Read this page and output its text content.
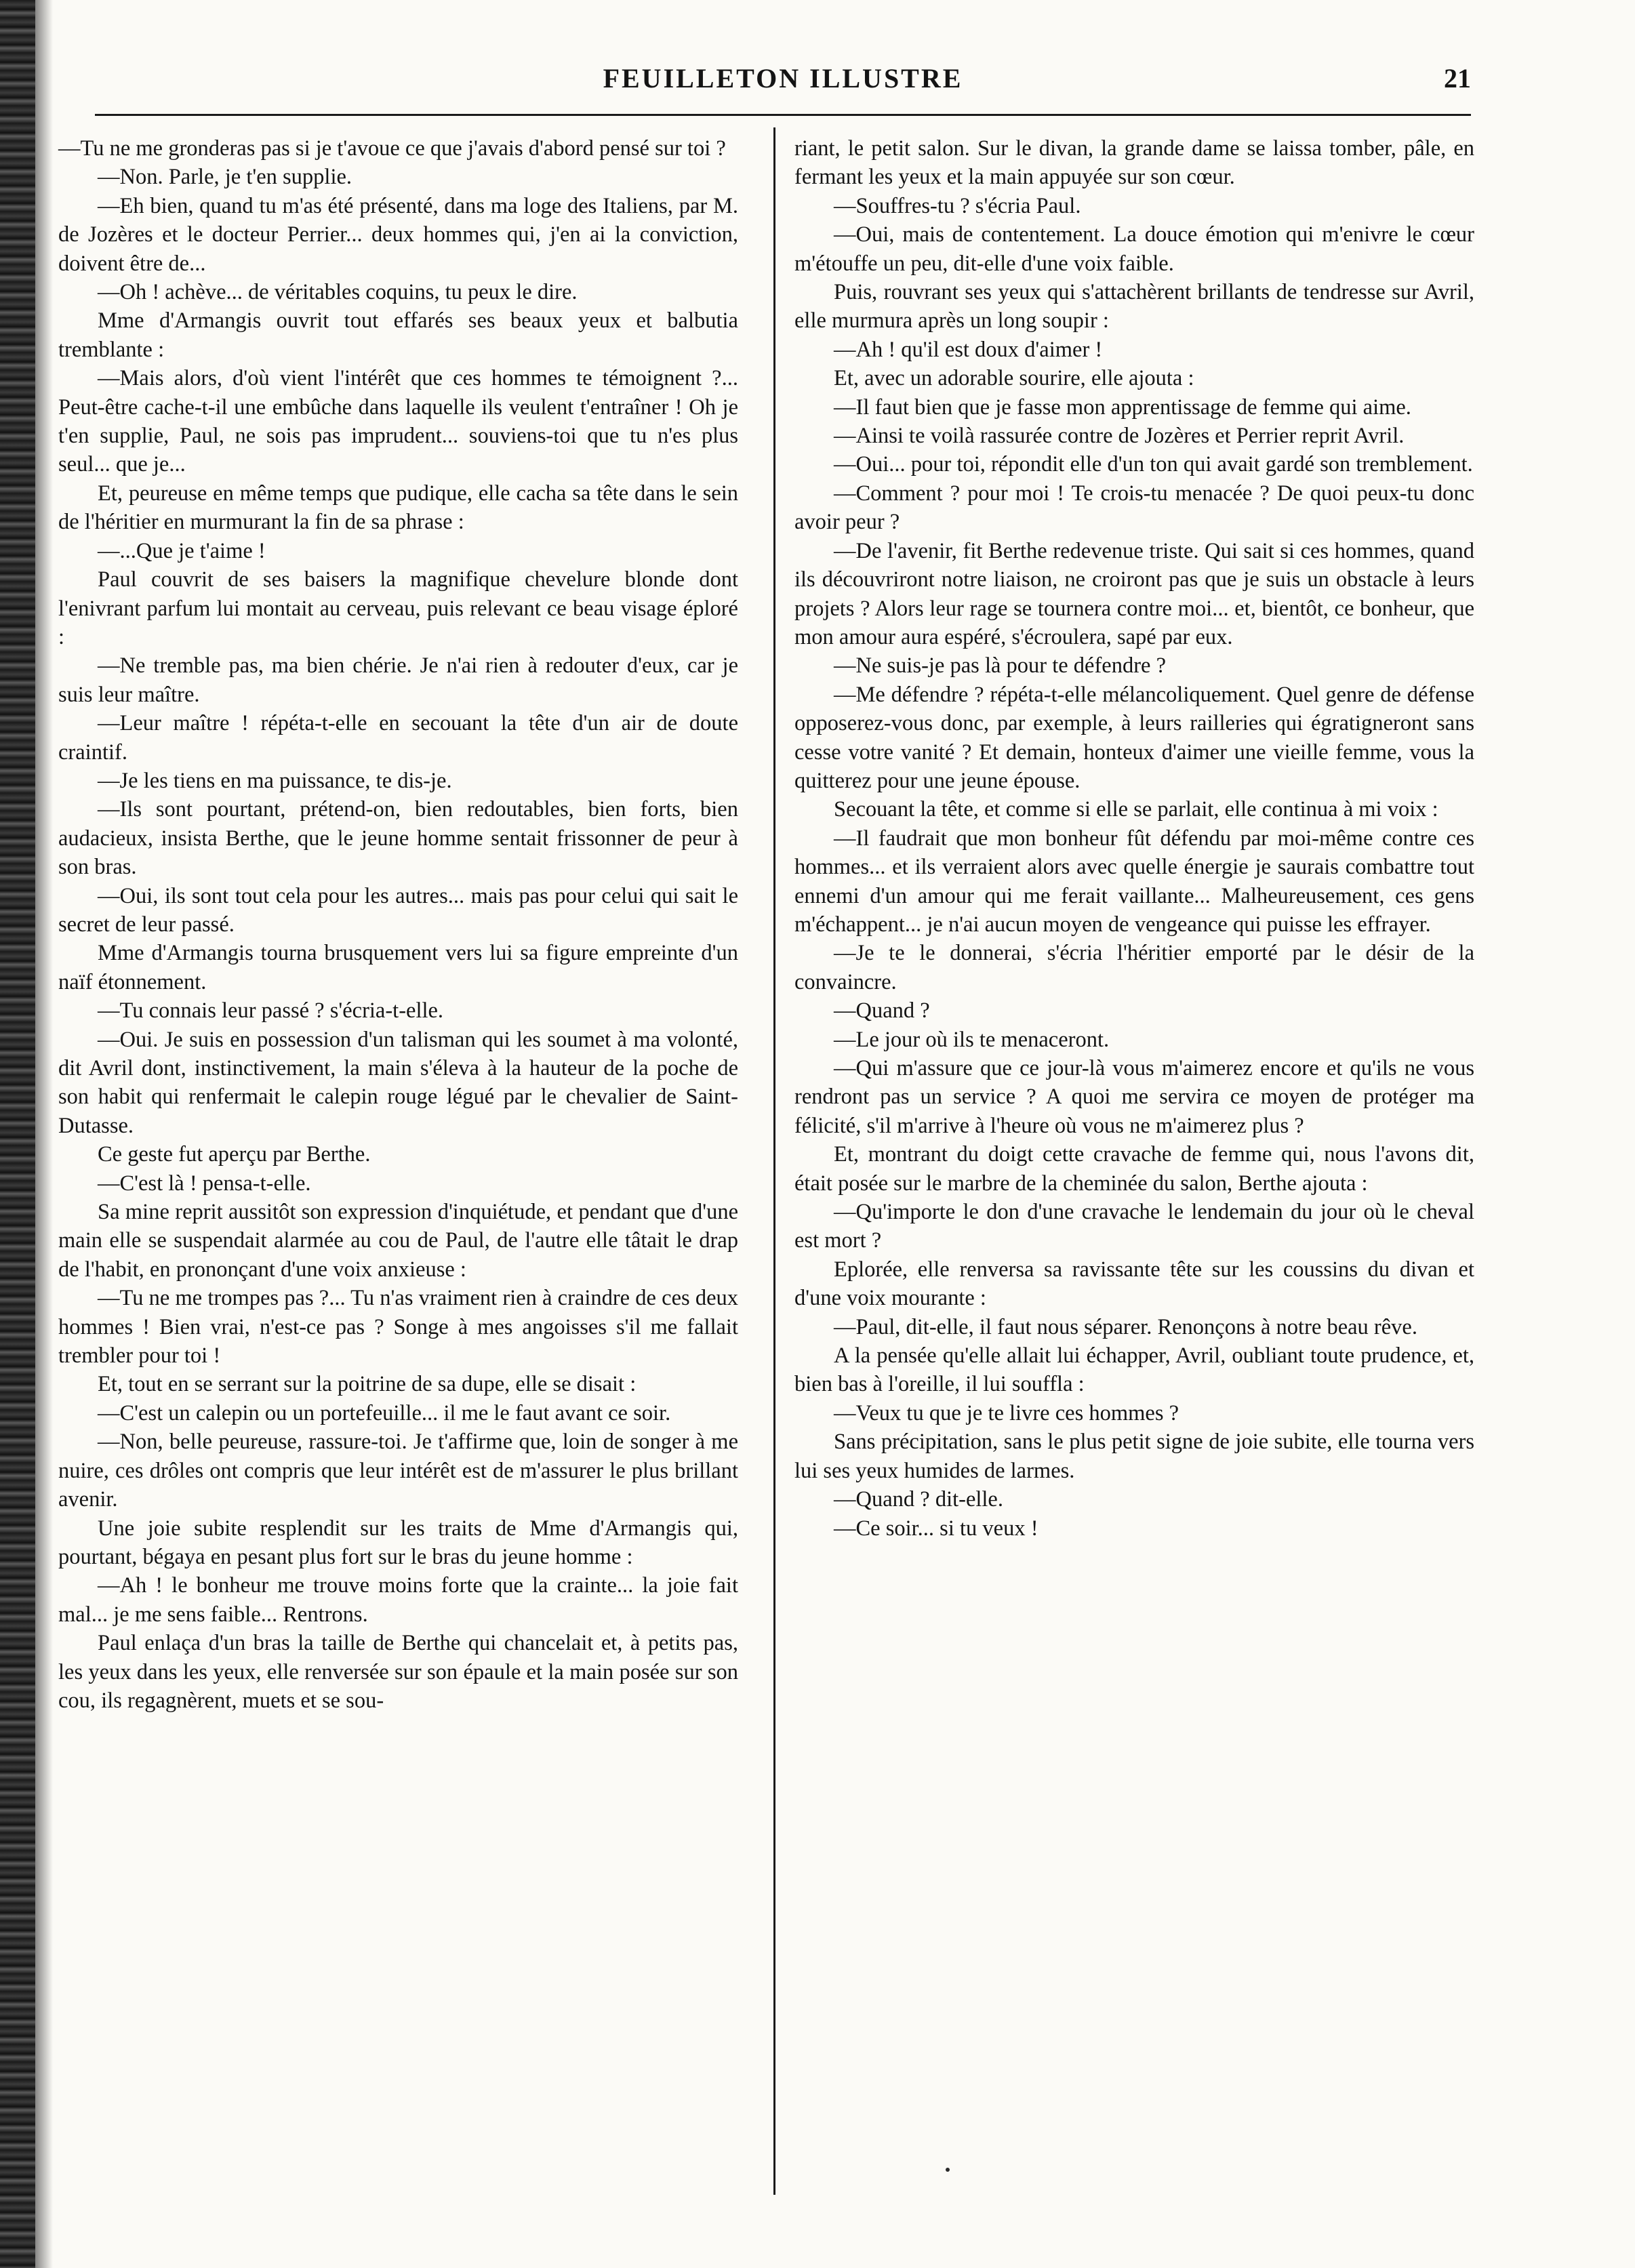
FEUILLETON ILLUSTRE	21

—Tu ne me gronderas pas si je t'avoue ce que j'avais d'abord pensé sur toi ?

—Non. Parle, je t'en supplie.

—Eh bien, quand tu m'as été présenté, dans ma loge des Italiens, par M. de Jozères et le docteur Perrier... deux hommes qui, j'en ai la conviction, doivent être de...

—Oh ! achève... de véritables coquins, tu peux le dire.

Mme d'Armangis ouvrit tout effarés ses beaux yeux et balbutia tremblante :

—Mais alors, d'où vient l'intérêt que ces hommes te témoignent ?... Peut-être cache-t-il une embûche dans laquelle ils veulent t'entraîner ! Oh je t'en supplie, Paul, ne sois pas imprudent... souviens-toi que tu n'es plus seul... que je...

Et, peureuse en même temps que pudique, elle cacha sa tête dans le sein de l'héritier en murmurant la fin de sa phrase :

—...Que je t'aime !

Paul couvrit de ses baisers la magnifique chevelure blonde dont l'enivrant parfum lui montait au cerveau, puis relevant ce beau visage éploré :

—Ne tremble pas, ma bien chérie. Je n'ai rien à redouter d'eux, car je suis leur maître.

—Leur maître ! répéta-t-elle en secouant la tête d'un air de doute craintif.

—Je les tiens en ma puissance, te dis-je.

—Ils sont pourtant, prétend-on, bien redoutables, bien forts, bien audacieux, insista Berthe, que le jeune homme sentait frissonner de peur à son bras.

—Oui, ils sont tout cela pour les autres... mais pas pour celui qui sait le secret de leur passé.

Mme d'Armangis tourna brusquement vers lui sa figure empreinte d'un naïf étonnement.

—Tu connais leur passé ? s'écria-t-elle.

—Oui. Je suis en possession d'un talisman qui les soumet à ma volonté, dit Avril dont, instinctivement, la main s'éleva à la hauteur de la poche de son habit qui renfermait le calepin rouge légué par le chevalier de Saint-Dutasse.

Ce geste fut aperçu par Berthe.

—C'est là ! pensa-t-elle.

Sa mine reprit aussitôt son expression d'inquiétude, et pendant que d'une main elle se suspendait alarmée au cou de Paul, de l'autre elle tâtait le drap de l'habit, en prononçant d'une voix anxieuse :

—Tu ne me trompes pas ?... Tu n'as vraiment rien à craindre de ces deux hommes ! Bien vrai, n'est-ce pas ? Songe à mes angoisses s'il me fallait trembler pour toi !

Et, tout en se serrant sur la poitrine de sa dupe, elle se disait :

—C'est un calepin ou un portefeuille... il me le faut avant ce soir.

—Non, belle peureuse, rassure-toi. Je t'affirme que, loin de songer à me nuire, ces drôles ont compris que leur intérêt est de m'assurer le plus brillant avenir.

Une joie subite resplendit sur les traits de Mme d'Armangis qui, pourtant, bégaya en pesant plus fort sur le bras du jeune homme :

—Ah ! le bonheur me trouve moins forte que la crainte... la joie fait mal... je me sens faible... Rentrons.

Paul enlaça d'un bras la taille de Berthe qui chancelait et, à petits pas, les yeux dans les yeux, elle renversée sur son épaule et la main posée sur son cou, ils regagnèrent, muets et se sou-

riant, le petit salon. Sur le divan, la grande dame se laissa tomber, pâle, en fermant les yeux et la main appuyée sur son cœur.

—Souffres-tu ? s'écria Paul.

—Oui, mais de contentement. La douce émotion qui m'enivre le cœur m'étouffe un peu, dit-elle d'une voix faible.

Puis, rouvrant ses yeux qui s'attachèrent brillants de tendresse sur Avril, elle murmura après un long soupir :

—Ah ! qu'il est doux d'aimer !

Et, avec un adorable sourire, elle ajouta :

—Il faut bien que je fasse mon apprentissage de femme qui aime.

—Ainsi te voilà rassurée contre de Jozères et Perrier reprit Avril.

—Oui... pour toi, répondit elle d'un ton qui avait gardé son tremblement.

—Comment ? pour moi ! Te crois-tu menacée ? De quoi peux-tu donc avoir peur ?

—De l'avenir, fit Berthe redevenue triste. Qui sait si ces hommes, quand ils découvriront notre liaison, ne croiront pas que je suis un obstacle à leurs projets ? Alors leur rage se tournera contre moi... et, bientôt, ce bonheur, que mon amour aura espéré, s'écroulera, sapé par eux.

—Ne suis-je pas là pour te défendre ?

—Me défendre ? répéta-t-elle mélancoliquement. Quel genre de défense opposerez-vous donc, par exemple, à leurs railleries qui égratigneront sans cesse votre vanité ? Et demain, honteux d'aimer une vieille femme, vous la quitterez pour une jeune épouse.

Secouant la tête, et comme si elle se parlait, elle continua à mi voix :

—Il faudrait que mon bonheur fût défendu par moi-même contre ces hommes... et ils verraient alors avec quelle énergie je saurais combattre tout ennemi d'un amour qui me ferait vaillante... Malheureusement, ces gens m'échappent... je n'ai aucun moyen de vengeance qui puisse les effrayer.

—Je te le donnerai, s'écria l'héritier emporté par le désir de la convaincre.

—Quand ?

—Le jour où ils te menaceront.

—Qui m'assure que ce jour-là vous m'aimerez encore et qu'ils ne vous rendront pas un service ? A quoi me servira ce moyen de protéger ma félicité, s'il m'arrive à l'heure où vous ne m'aimerez plus ?

Et, montrant du doigt cette cravache de femme qui, nous l'avons dit, était posée sur le marbre de la cheminée du salon, Berthe ajouta :

—Qu'importe le don d'une cravache le lendemain du jour où le cheval est mort ?

Eplorée, elle renversa sa ravissante tête sur les coussins du divan et d'une voix mourante :

—Paul, dit-elle, il faut nous séparer. Renonçons à notre beau rêve.

A la pensée qu'elle allait lui échapper, Avril, oubliant toute prudence, et, bien bas à l'oreille, il lui souffla :

—Veux tu que je te livre ces hommes ?

Sans précipitation, sans le plus petit signe de joie subite, elle tourna vers lui ses yeux humides de larmes.

—Quand ? dit-elle.

—Ce soir... si tu veux !
